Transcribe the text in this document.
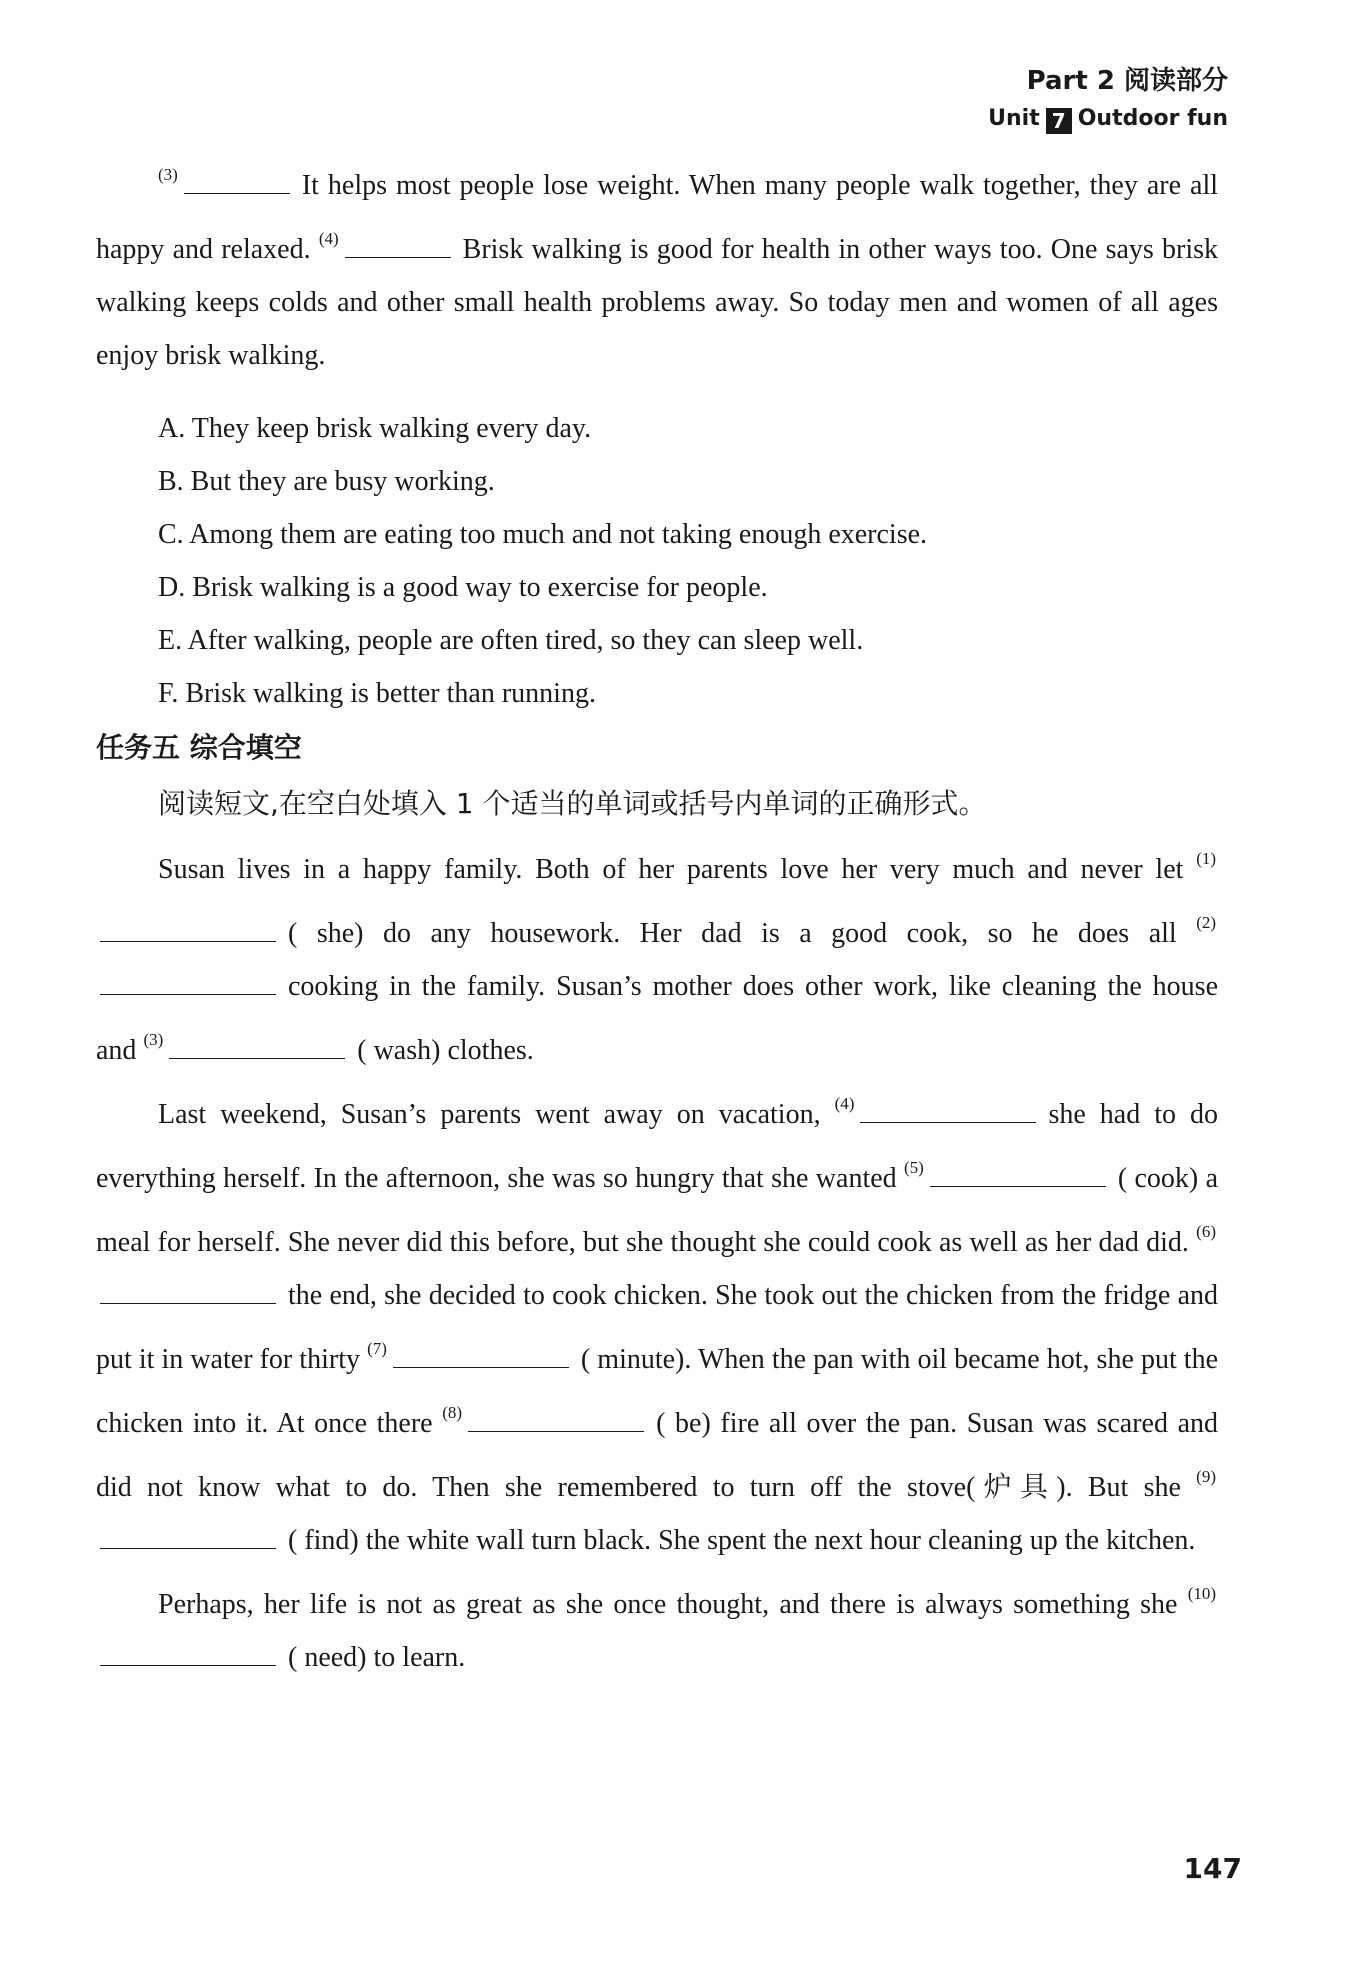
Part 2 阅读部分
Unit 7 Outdoor fun

$^{(3)}$	It helps most people lose weight. When many people walk together, they are all happy and relaxed. $^{(4)}$	Brisk walking is good for health in other ways too. One says brisk walking keeps colds and other small health problems away. So today men and women of all ages enjoy brisk walking.

A. They keep brisk walking every day.

B. But they are busy working.

C. Among them are eating too much and not taking enough exercise.

D. Brisk walking is a good way to exercise for people.

E. After walking, people are often tired, so they can sleep well.

F. Brisk walking is better than running.

任务五 综合填空
阅读短文,在空白处填入 1 个适当的单词或括号内单词的正确形式。

Susan lives in a happy family. Both of her parents love her very much and never let $^{(1)}$( she) do any housework. Her dad is a good cook, so he does all $^{(2)}$cooking in the family. Susan’s mother does other work, like cleaning the house and $^{(3)}$	( wash) clothes.

Last weekend, Susan’s parents went away on vacation, $^{(4)}$	she had to do everything herself. In the afternoon, she was so hungry that she wanted $^{(5)}$	( cook) a meal for herself. She never did this before, but she thought she could cook as well as her dad did. $^{(6)}$the end, she decided to cook chicken. She took out the chicken from the fridge and put it in water for thirty $^{(7)}$	( minute). When the pan with oil became hot, she put the chicken into it. At once there $^{(8)}$	( be) fire all over the pan. Susan was scared and did not know what to do. Then she remembered to turn off the stove(炉具). But she $^{(9)}$( find) the white wall turn black. She spent the next hour cleaning up the kitchen.

Perhaps, her life is not as great as she once thought, and there is always something she $^{(10)}$( need) to learn.

147
